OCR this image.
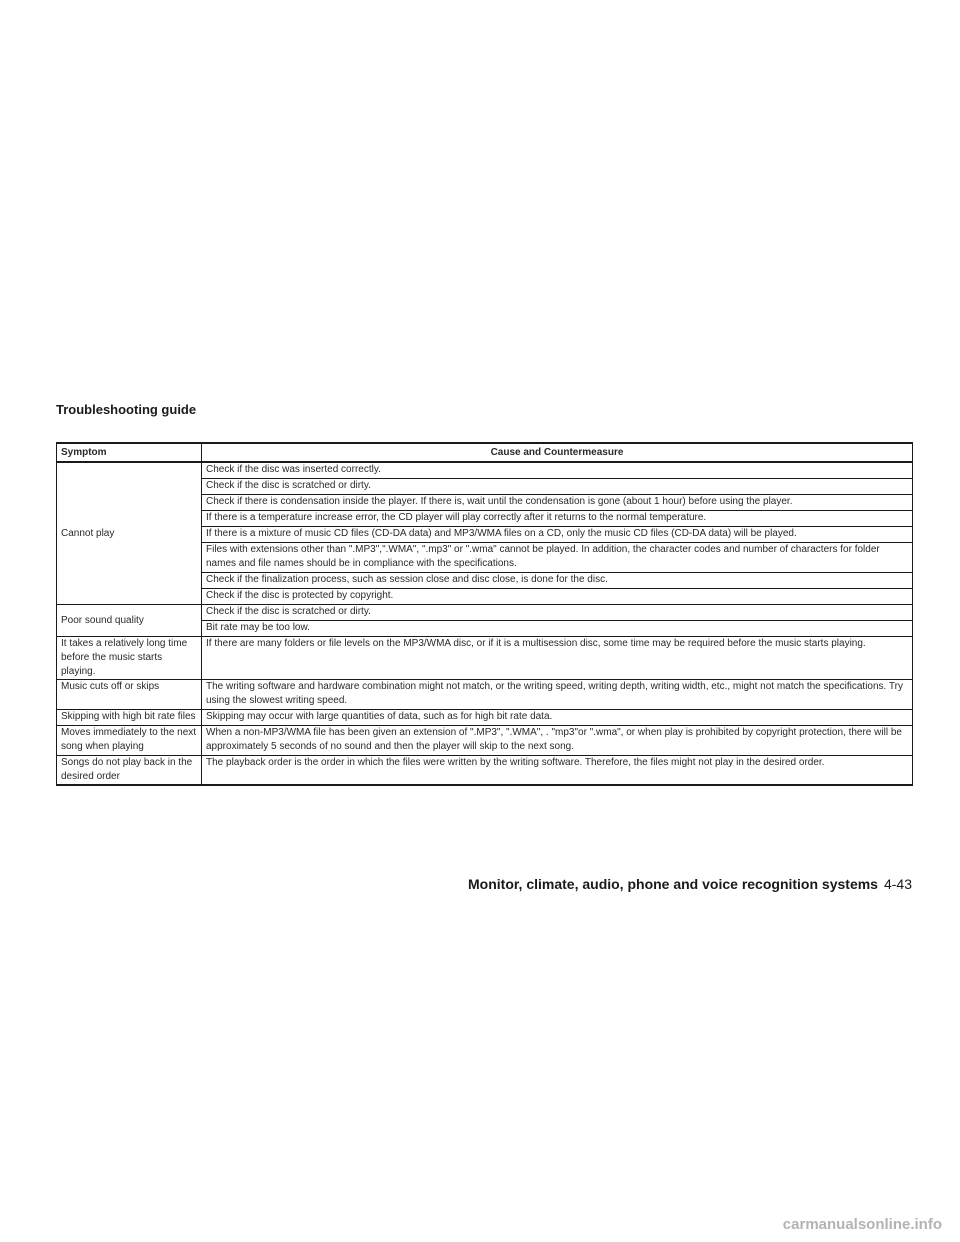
Troubleshooting guide
Symptom	Cause and Countermeasure
Cannot play	Check if the disc was inserted correctly.
	Check if the disc is scratched or dirty.
	Check if there is condensation inside the player. If there is, wait until the condensation is gone (about 1 hour) before using the player.
	If there is a temperature increase error, the CD player will play correctly after it returns to the normal temperature.
	If there is a mixture of music CD files (CD-DA data) and MP3/WMA files on a CD, only the music CD files (CD-DA data) will be played.
	Files with extensions other than ".MP3",".WMA", ".mp3" or ".wma" cannot be played. In addition, the character codes and number of characters for folder names and file names should be in compliance with the specifications.
	Check if the finalization process, such as session close and disc close, is done for the disc.
	Check if the disc is protected by copyright.
Poor sound quality	Check if the disc is scratched or dirty.
	Bit rate may be too low.
It takes a relatively long time before the music starts playing.	If there are many folders or file levels on the MP3/WMA disc, or if it is a multisession disc, some time may be required before the music starts playing.
Music cuts off or skips	The writing software and hardware combination might not match, or the writing speed, writing depth, writing width, etc., might not match the specifications. Try using the slowest writing speed.
Skipping with high bit rate files	Skipping may occur with large quantities of data, such as for high bit rate data.
Moves immediately to the next song when playing	When a non-MP3/WMA file has been given an extension of ".MP3", ".WMA", . "mp3"or ".wma", or when play is prohibited by copyright protection, there will be approximately 5 seconds of no sound and then the player will skip to the next song.
Songs do not play back in the desired order	The playback order is the order in which the files were written by the writing software. Therefore, the files might not play in the desired order.
Monitor, climate, audio, phone and voice recognition systems 4-43
carmanualsonline.info
